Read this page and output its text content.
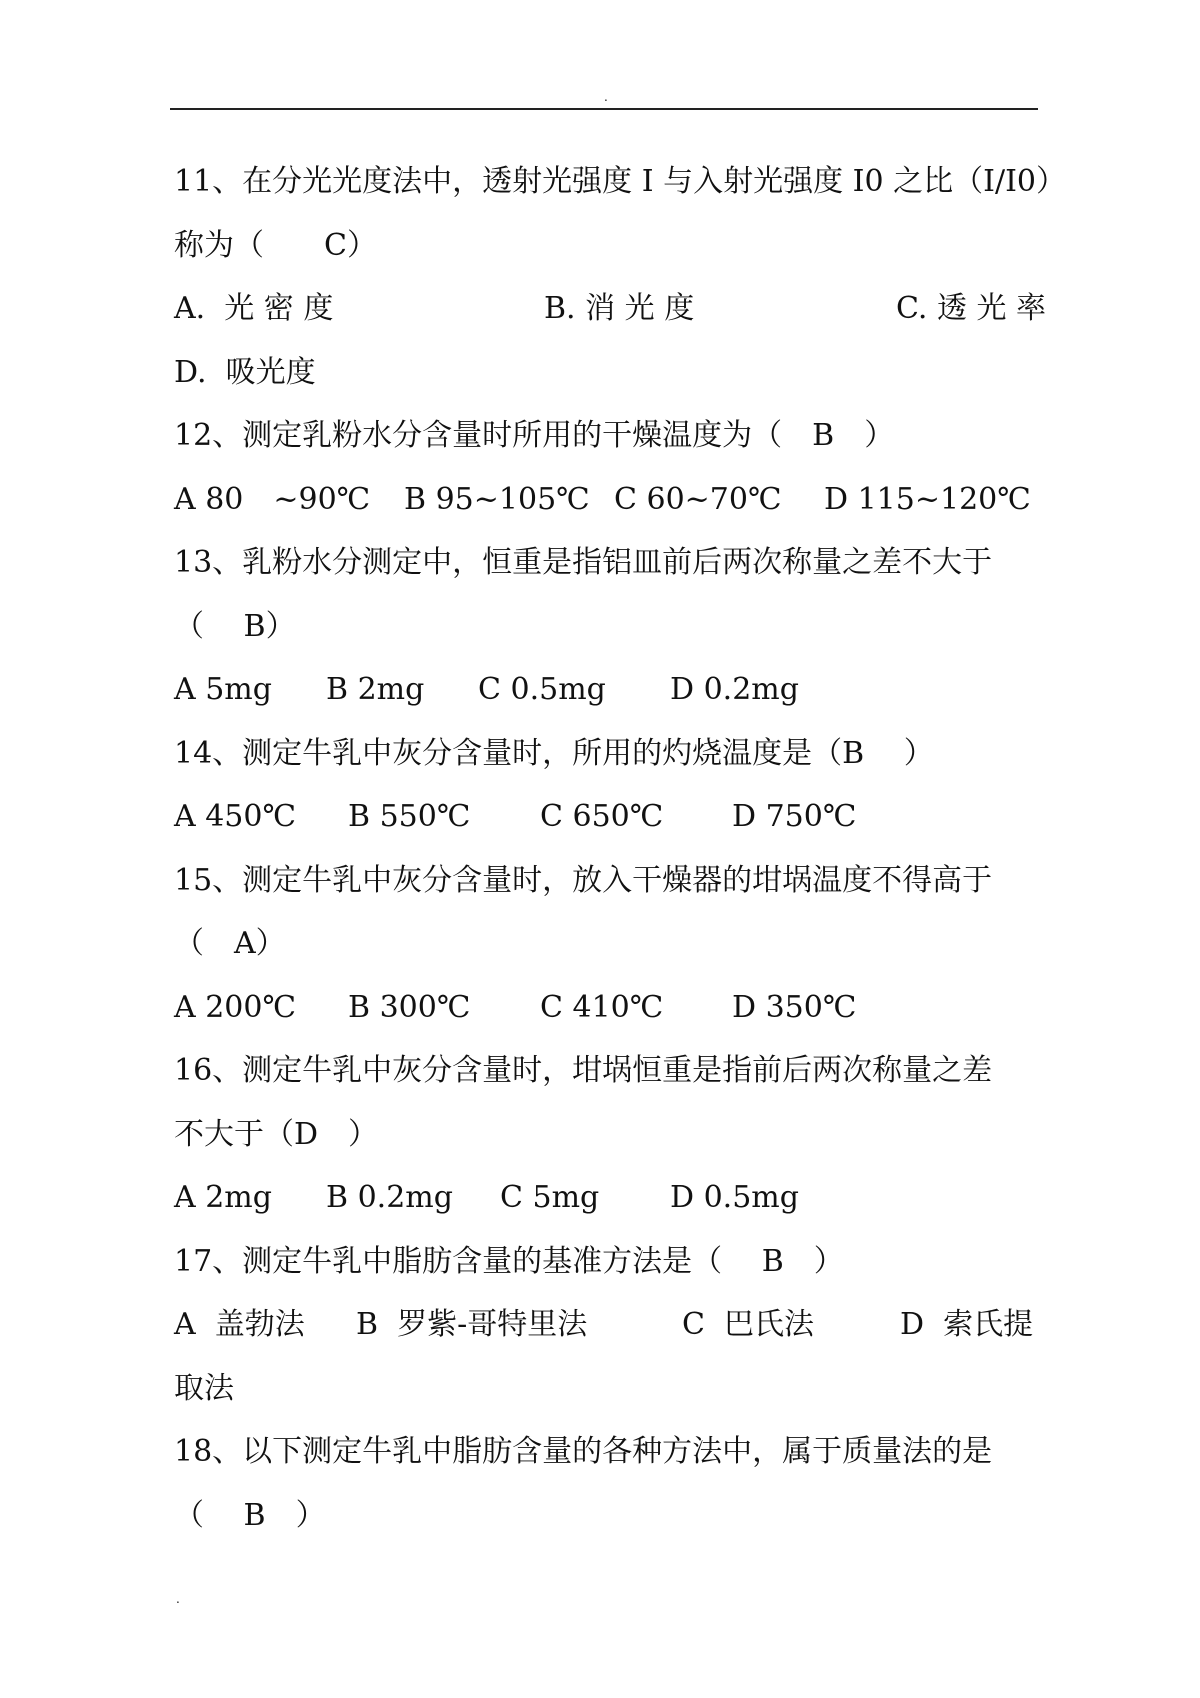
.
11、在分光光度法中，透射光强度 I 与入射光强度 I0 之比（I/I0）
称为（　　C）

A.  光 密 度

	B. 消 光 度

	C. 透 光 率

D.  吸光度
12、测定乳粉水分含量时所用的干燥温度为（　B　）

A 80　~90℃

B 95~105℃

C 60~70℃

D 115~120℃

13、乳粉水分测定中，恒重是指铝皿前后两次称量之差不大于
（　 B）

A 5mg

B 2mg

C 0.5mg

D 0.2mg

14、测定牛乳中灰分含量时，所用的灼烧温度是（B　 ）

A 450℃

B 550℃

C 650℃

D 750℃

15、测定牛乳中灰分含量时，放入干燥器的坩埚温度不得高于
（　A）

A 200℃

B 300℃

C 410℃

D 350℃

16、测定牛乳中灰分含量时，坩埚恒重是指前后两次称量之差
不大于（D　）

A 2mg

B 0.2mg

C 5mg

D 0.5mg

17、测定牛乳中脂肪含量的基准方法是（　 B　）

A  盖勃法

B  罗紫-哥特里法

	C  巴氏法

	D  索氏提

取法
18、以下测定牛乳中脂肪含量的各种方法中，属于质量法的是
（　 B　）
.
